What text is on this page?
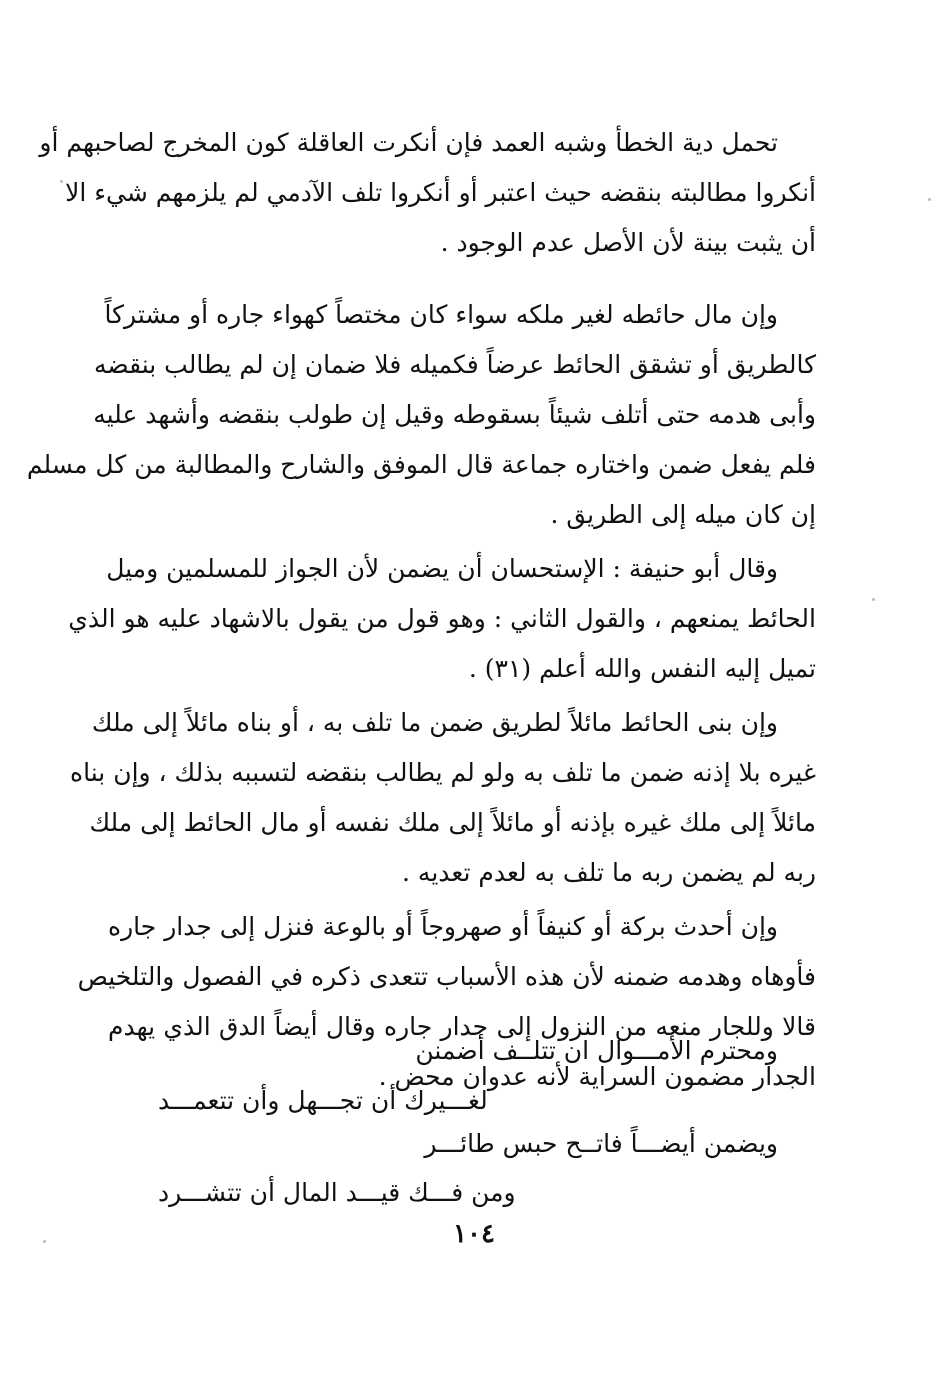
تحمل دية الخطأ وشبه العمد فإن أنكرت العاقلة كون المخرج لصاحبهم أو
أنكروا مطالبته بنقضه حيث اعتبر أو أنكروا تلف الآدمي لم يلزمهم شيء الا
أن يثبت بينة لأن الأصل عدم الوجود .
وإن مال حائطه لغير ملكه سواء كان مختصاً كهواء جاره أو مشتركاً
كالطريق أو تشقق الحائط عرضاً فكميله فلا ضمان إن لم يطالب بنقضه
وأبى هدمه حتى أتلف شيئاً بسقوطه وقيل إن طولب بنقضه وأشهد عليه
فلم يفعل ضمن واختاره جماعة قال الموفق والشارح والمطالبة من كل مسلم
إن كان ميله إلى الطريق .
وقال أبو حنيفة : الإستحسان أن يضمن لأن الجواز للمسلمين وميل
الحائط يمنعهم ، والقول الثاني : وهو قول من يقول بالاشهاد عليه هو الذي
تميل إليه النفس والله أعلم (٣١) .
وإن بنى الحائط مائلاً لطريق ضمن ما تلف به ، أو بناه مائلاً إلى ملك
غيره بلا إذنه ضمن ما تلف به ولو لم يطالب بنقضه لتسببه بذلك ، وإن بناه
مائلاً إلى ملك غيره بإذنه أو مائلاً إلى ملك نفسه أو مال الحائط إلى ملك
ربه لم يضمن ربه ما تلف به لعدم تعديه .
وإن أحدث بركة أو كنيفاً أو صهروجاً أو بالوعة فنزل إلى جدار جاره
فأوهاه وهدمه ضمنه لأن هذه الأسباب تتعدى ذكره في الفصول والتلخيص
قالا وللجار منعه من النزول إلى جدار جاره وقال أيضاً الدق الذي يهدم
الجدار مضمون السراية لأنه عدوان محض .
ومحترم الأمـــوال ان تتلــف أضمنن
لغـــيرك أن تجـــهل وأن تتعمـــد
ويضمن أيضـــاً فاتــح حبس طائـــر
ومن فـــك قيـــد المال أن تتشـــرد
١٠٤
